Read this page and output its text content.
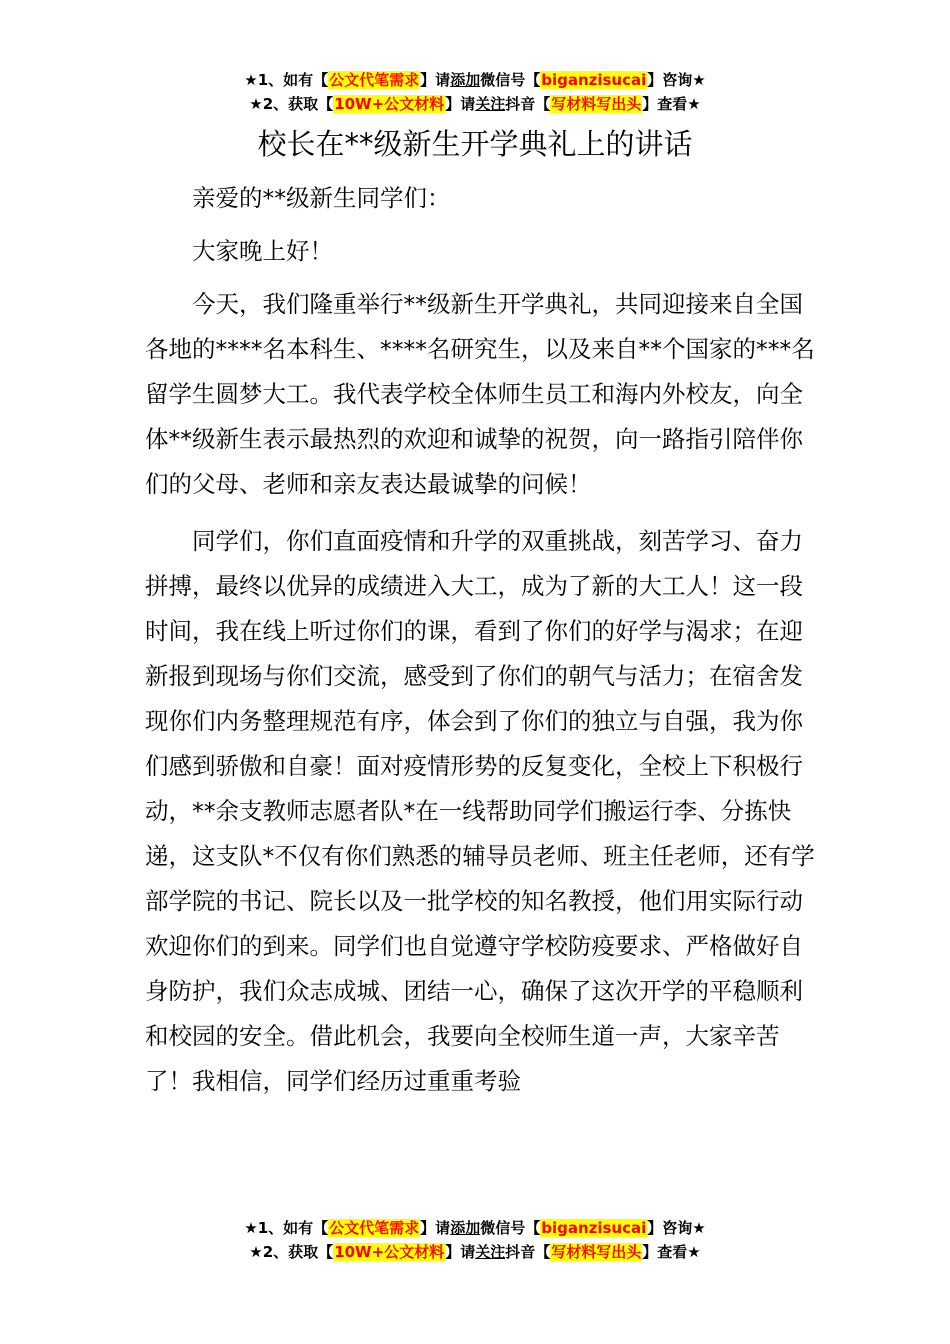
★1、如有【公文代笔需求】请添加微信号【biganzisucai】咨询★
★2、获取【10W+公文材料】请关注抖音【写材料写出头】查看★
校长在**级新生开学典礼上的讲话

亲爱的**级新生同学们：

大家晚上好！

今天，我们隆重举行**级新生开学典礼，共同迎接来自全国各地的****名本科生、****名研究生，以及来自**个国家的***名留学生圆梦大工。我代表学校全体师生员工和海内外校友，向全体**级新生表示最热烈的欢迎和诚挚的祝贺，向一路指引陪伴你们的父母、老师和亲友表达最诚挚的问候！

同学们，你们直面疫情和升学的双重挑战，刻苦学习、奋力拼搏，最终以优异的成绩进入大工，成为了新的大工人！这一段时间，我在线上听过你们的课，看到了你们的好学与渴求；在迎新报到现场与你们交流，感受到了你们的朝气与活力；在宿舍发现你们内务整理规范有序，体会到了你们的独立与自强，我为你们感到骄傲和自豪！面对疫情形势的反复变化，全校上下积极行动，**余支教师志愿者队*在一线帮助同学们搬运行李、分拣快递，这支队*不仅有你们熟悉的辅导员老师、班主任老师，还有学部学院的书记、院长以及一批学校的知名教授，他们用实际行动欢迎你们的到来。同学们也自觉遵守学校防疫要求、严格做好自身防护，我们众志成城、团结一心，确保了这次开学的平稳顺利和校园的安全。借此机会，我要向全校师生道一声，大家辛苦了！我相信，同学们经历过重重考验

★1、如有【公文代笔需求】请添加微信号【biganzisucai】咨询★
★2、获取【10W+公文材料】请关注抖音【写材料写出头】查看★
